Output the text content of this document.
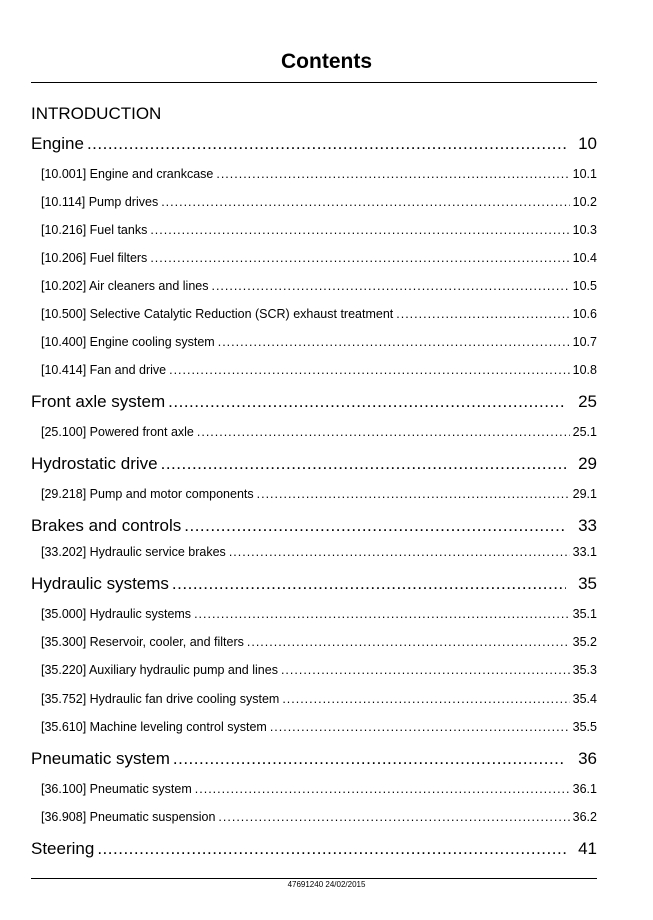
Contents
INTRODUCTION
Engine .....	10
[10.001] Engine and crankcase .....	10.1
[10.114] Pump drives .....	10.2
[10.216] Fuel tanks .....	10.3
[10.206] Fuel filters .....	10.4
[10.202] Air cleaners and lines .....	10.5
[10.500] Selective Catalytic Reduction (SCR) exhaust treatment .....	10.6
[10.400] Engine cooling system .....	10.7
[10.414] Fan and drive .....	10.8
Front axle system .....	25
[25.100] Powered front axle .....	25.1
Hydrostatic drive .....	29
[29.218] Pump and motor components .....	29.1
Brakes and controls .....	33
[33.202] Hydraulic service brakes .....	33.1
Hydraulic systems .....	35
[35.000] Hydraulic systems .....	35.1
[35.300] Reservoir, cooler, and filters .....	35.2
[35.220] Auxiliary hydraulic pump and lines .....	35.3
[35.752] Hydraulic fan drive cooling system .....	35.4
[35.610] Machine leveling control system .....	35.5
Pneumatic system .....	36
[36.100] Pneumatic system .....	36.1
[36.908] Pneumatic suspension .....	36.2
Steering .....	41
47691240 24/02/2015
